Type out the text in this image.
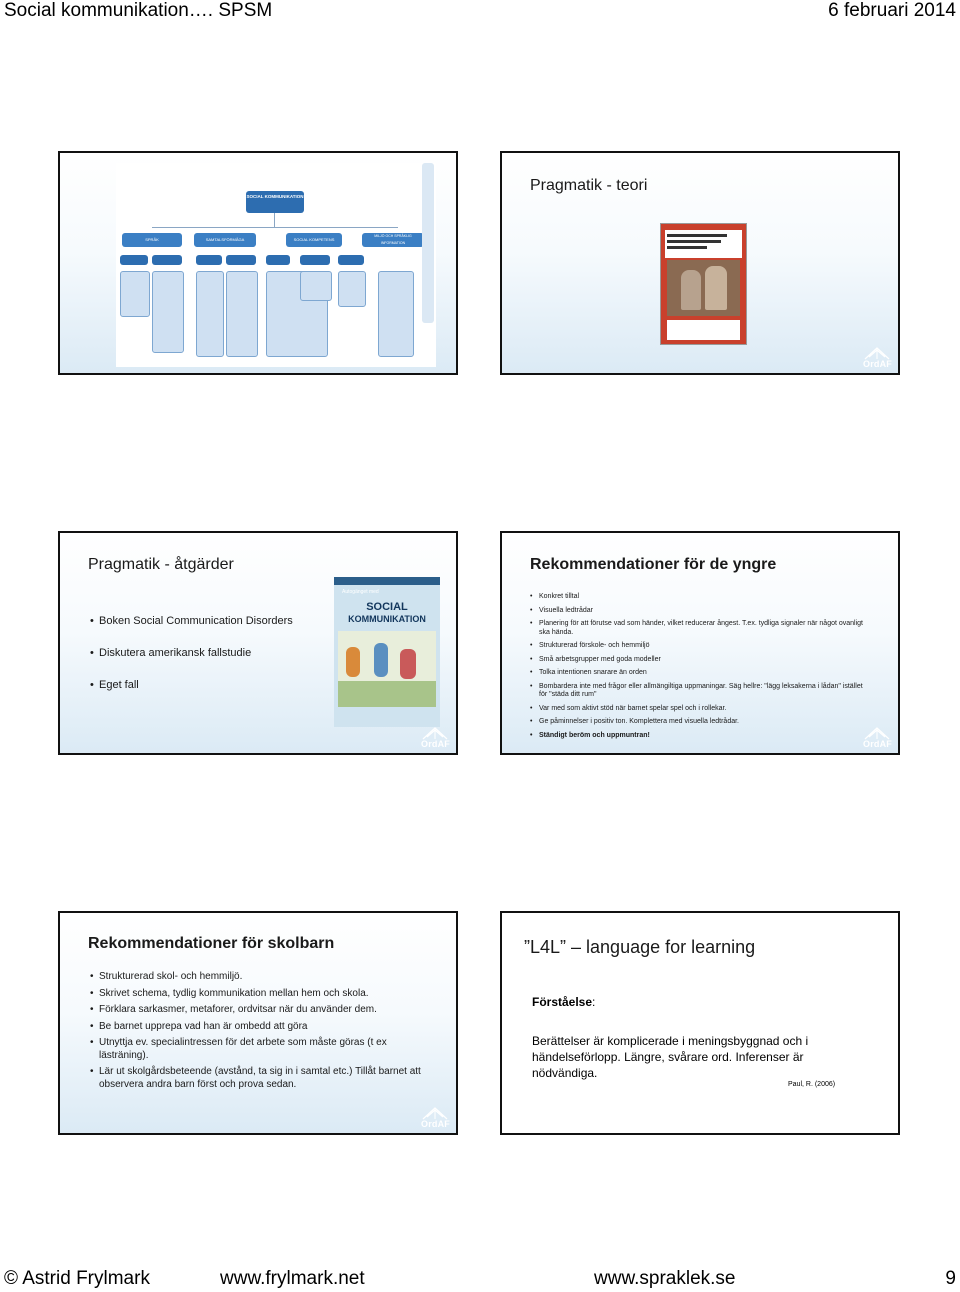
Social kommunikation…. SPSM	6 februari 2014
SOCIAL KOMMUNIKATION
SPRÅK	SAMTALSFÖRMÅGA	SOCIAL KOMPETENS
MILJÖ OCH SPRÅKLIG INFORMATION
Pragmatik - teori
OrdAF
Pragmatik - åtgärder
• Boken Social Communication Disorders
• Diskutera amerikansk fallstudie
• Eget fall
Autogänget med
SOCIAL
KOMMUNIKATION
OrdAF
Rekommendationer för de yngre
• Konkret tilltal
• Visuella ledtrådar
• Planering för att förutse vad som händer, vilket reducerar ångest. T.ex. tydliga signaler när något ovanligt ska hända.
• Strukturerad förskole- och hemmiljö
• Små arbetsgrupper med goda modeller
• Tolka intentionen snarare än orden
• Bombardera inte med frågor eller allmängiltiga uppmaningar. Säg hellre: "lägg leksakerna i lådan" istället för "städa ditt rum"
• Var med som aktivt stöd när barnet spelar spel och i rollekar.
• Ge påminnelser i positiv ton. Komplettera med visuella ledtrådar.
• Ständigt beröm och uppmuntran!
OrdAF
Rekommendationer för skolbarn
• Strukturerad skol- och hemmiljö.
• Skrivet schema, tydlig kommunikation mellan hem och skola.
• Förklara sarkasmer, metaforer, ordvitsar när du använder dem.
• Be barnet upprepa vad han är ombedd att göra
• Utnyttja ev. specialintressen för det arbete som måste göras (t ex lästräning).
• Lär ut skolgårdsbeteende (avstånd, ta sig in i samtal etc.) Tillåt barnet att observera andra barn först och prova sedan.
OrdAF
”L4L” – language for learning
Förståelse:
Berättelser är komplicerade i meningsbyggnad och i händelseförlopp. Längre, svårare ord. Inferenser är nödvändiga.
Paul, R. (2006)
© Astrid Frylmark	www.frylmark.net	www.spraklek.se	9
